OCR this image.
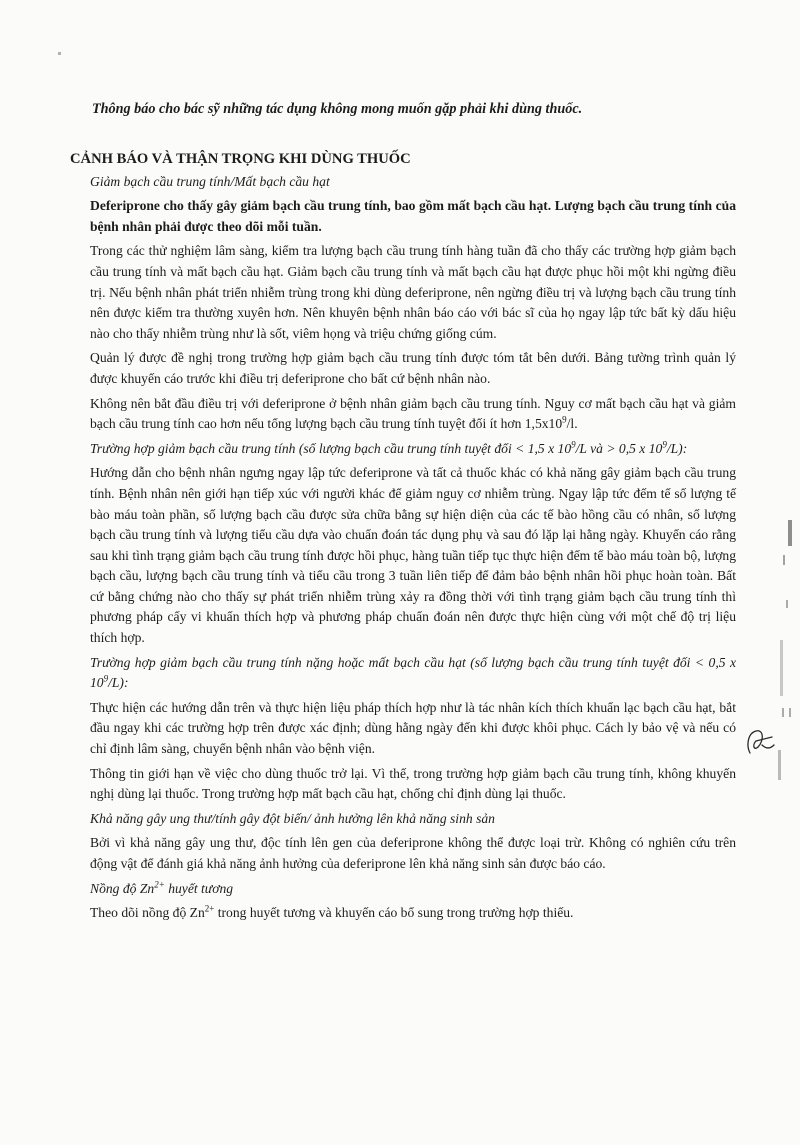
Thông báo cho bác sỹ những tác dụng không mong muốn gặp phải khi dùng thuốc.

CẢNH BÁO VÀ THẬN TRỌNG KHI DÙNG THUỐC

Giảm bạch cầu trung tính/Mất bạch cầu hạt

Deferiprone cho thấy gây giảm bạch cầu trung tính, bao gồm mất bạch cầu hạt. Lượng bạch cầu trung tính của bệnh nhân phải được theo dõi mỗi tuần.

Trong các thử nghiệm lâm sàng, kiểm tra lượng bạch cầu trung tính hàng tuần đã cho thấy các trường hợp giảm bạch cầu trung tính và mất bạch cầu hạt. Giảm bạch cầu trung tính và mất bạch cầu hạt được phục hồi một khi ngừng điều trị. Nếu bệnh nhân phát triển nhiễm trùng trong khi dùng deferiprone, nên ngừng điều trị và lượng bạch cầu trung tính nên được kiểm tra thường xuyên hơn. Nên khuyên bệnh nhân báo cáo với bác sĩ của họ ngay lập tức bất kỳ dấu hiệu nào cho thấy nhiễm trùng như là sốt, viêm họng và triệu chứng giống cúm.

Quản lý được đề nghị trong trường hợp giảm bạch cầu trung tính được tóm tắt bên dưới. Bảng tường trình quản lý được khuyến cáo trước khi điều trị deferiprone cho bất cứ bệnh nhân nào.

Không nên bắt đầu điều trị với deferiprone ở bệnh nhân giảm bạch cầu trung tính. Nguy cơ mất bạch cầu hạt và giảm bạch cầu trung tính cao hơn nếu tổng lượng bạch cầu trung tính tuyệt đối ít hơn $1,5x10^9/l$.

Trường hợp giảm bạch cầu trung tính (số lượng bạch cầu trung tính tuyệt đối < 1,5 x $10^9/L$ và > 0,5 x $10^9/L$):

Hướng dẫn cho bệnh nhân ngưng ngay lập tức deferiprone và tất cả thuốc khác có khả năng gây giảm bạch cầu trung tính. Bệnh nhân nên giới hạn tiếp xúc với người khác để giảm nguy cơ nhiễm trùng. Ngay lập tức đếm tế số lượng tế bào máu toàn phần, số lượng bạch cầu được sửa chữa bằng sự hiện diện của các tế bào hồng cầu có nhân, số lượng bạch cầu trung tính và lượng tiểu cầu dựa vào chuẩn đoán tác dụng phụ và sau đó lặp lại hằng ngày. Khuyến cáo rằng sau khi tình trạng giảm bạch cầu trung tính được hồi phục, hàng tuần tiếp tục thực hiện đếm tế bào máu toàn bộ, lượng bạch cầu, lượng bạch cầu trung tính và tiểu cầu trong 3 tuần liên tiếp để đảm bảo bệnh nhân hồi phục hoàn toàn. Bất cứ bằng chứng nào cho thấy sự phát triển nhiễm trùng xảy ra đồng thời với tình trạng giảm bạch cầu trung tính thì phương pháp cấy vi khuẩn thích hợp và phương pháp chuẩn đoán nên được thực hiện cùng với một chế độ trị liệu thích hợp.

Trường hợp giảm bạch cầu trung tính nặng hoặc mất bạch cầu hạt (số lượng bạch cầu trung tính tuyệt đối < 0,5 x $10^9/L$):

Thực hiện các hướng dẫn trên và thực hiện liệu pháp thích hợp như là tác nhân kích thích khuẩn lạc bạch cầu hạt, bắt đầu ngay khi các trường hợp trên được xác định; dùng hằng ngày đến khi được khôi phục. Cách ly bảo vệ và nếu có chỉ định lâm sàng, chuyển bệnh nhân vào bệnh viện.

Thông tin giới hạn về việc cho dùng thuốc trở lại. Vì thế, trong trường hợp giảm bạch cầu trung tính, không khuyến nghị dùng lại thuốc. Trong trường hợp mất bạch cầu hạt, chống chỉ định dùng lại thuốc.

Khả năng gây ung thư/tính gây đột biến/ ảnh hưởng lên khả năng sinh sản

Bởi vì khả năng gây ung thư, độc tính lên gen của deferiprone không thể được loại trừ. Không có nghiên cứu trên động vật để đánh giá khả năng ảnh hưởng của deferiprone lên khả năng sinh sản được báo cáo.

Nồng độ $Zn^{2+}$ huyết tương

Theo dõi nồng độ $Zn^{2+}$ trong huyết tương và khuyến cáo bổ sung trong trường hợp thiếu.
